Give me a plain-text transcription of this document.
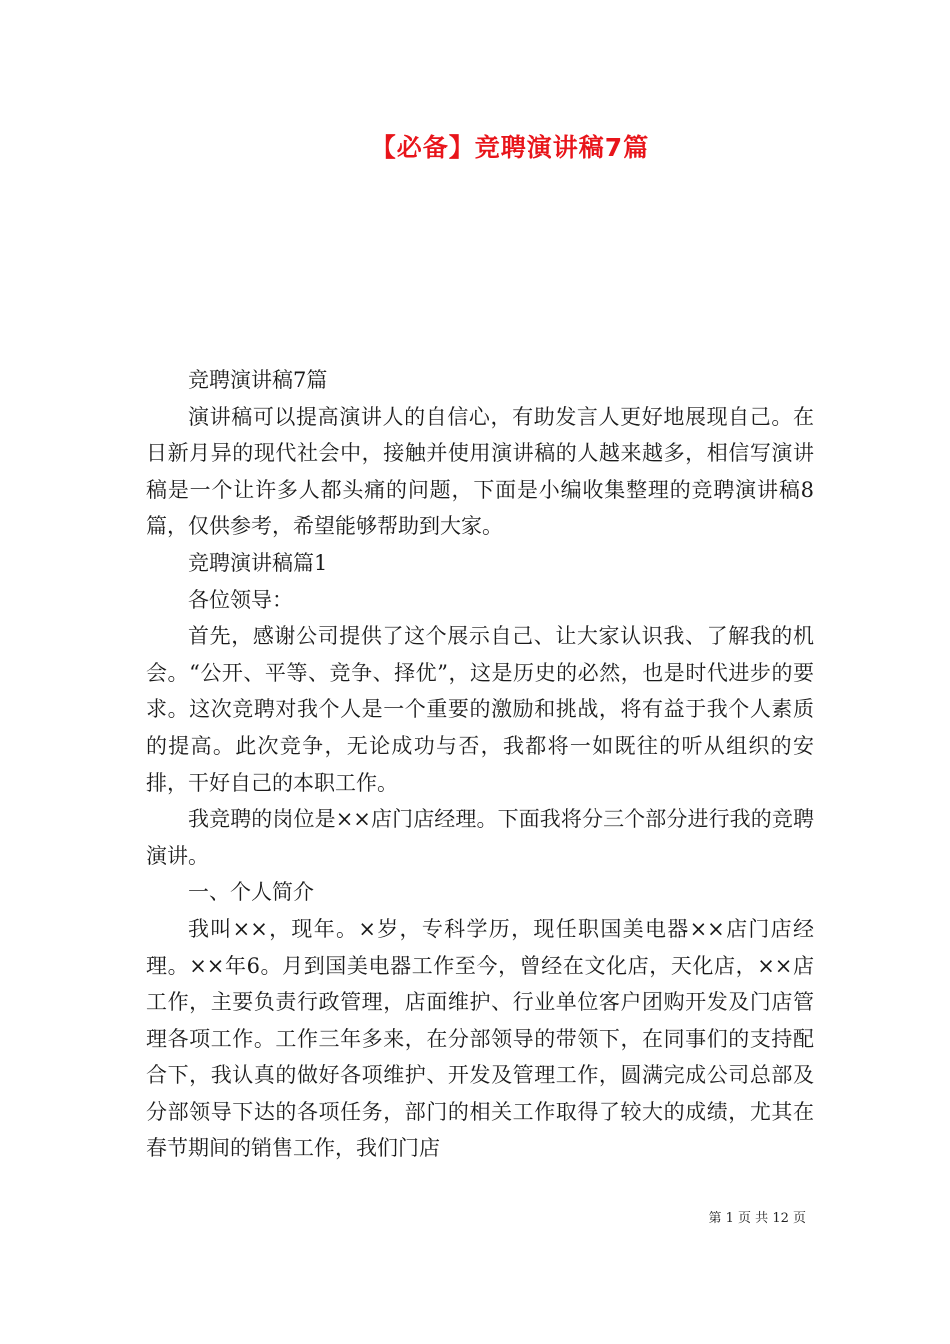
【必备】竞聘演讲稿7篇

竞聘演讲稿7篇

演讲稿可以提高演讲人的自信心，有助发言人更好地展现自己。在日新月异的现代社会中，接触并使用演讲稿的人越来越多，相信写演讲稿是一个让许多人都头痛的问题，下面是小编收集整理的竞聘演讲稿8篇，仅供参考，希望能够帮助到大家。

竞聘演讲稿篇1

各位领导：

首先，感谢公司提供了这个展示自己、让大家认识我、了解我的机会。“公开、平等、竞争、择优”，这是历史的必然，也是时代进步的要求。这次竞聘对我个人是一个重要的激励和挑战，将有益于我个人素质的提高。此次竞争，无论成功与否，我都将一如既往的听从组织的安排，干好自己的本职工作。

我竞聘的岗位是××店门店经理。下面我将分三个部分进行我的竞聘演讲。

一、个人简介

我叫××，现年。×岁，专科学历，现任职国美电器××店门店经理。××年6。月到国美电器工作至今，曾经在文化店，天化店，××店工作，主要负责行政管理，店面维护、行业单位客户团购开发及门店管理各项工作。工作三年多来，在分部领导的带领下，在同事们的支持配合下，我认真的做好各项维护、开发及管理工作，圆满完成公司总部及分部领导下达的各项任务，部门的相关工作取得了较大的成绩，尤其在春节期间的销售工作，我们门店

第 1 页 共 12 页
